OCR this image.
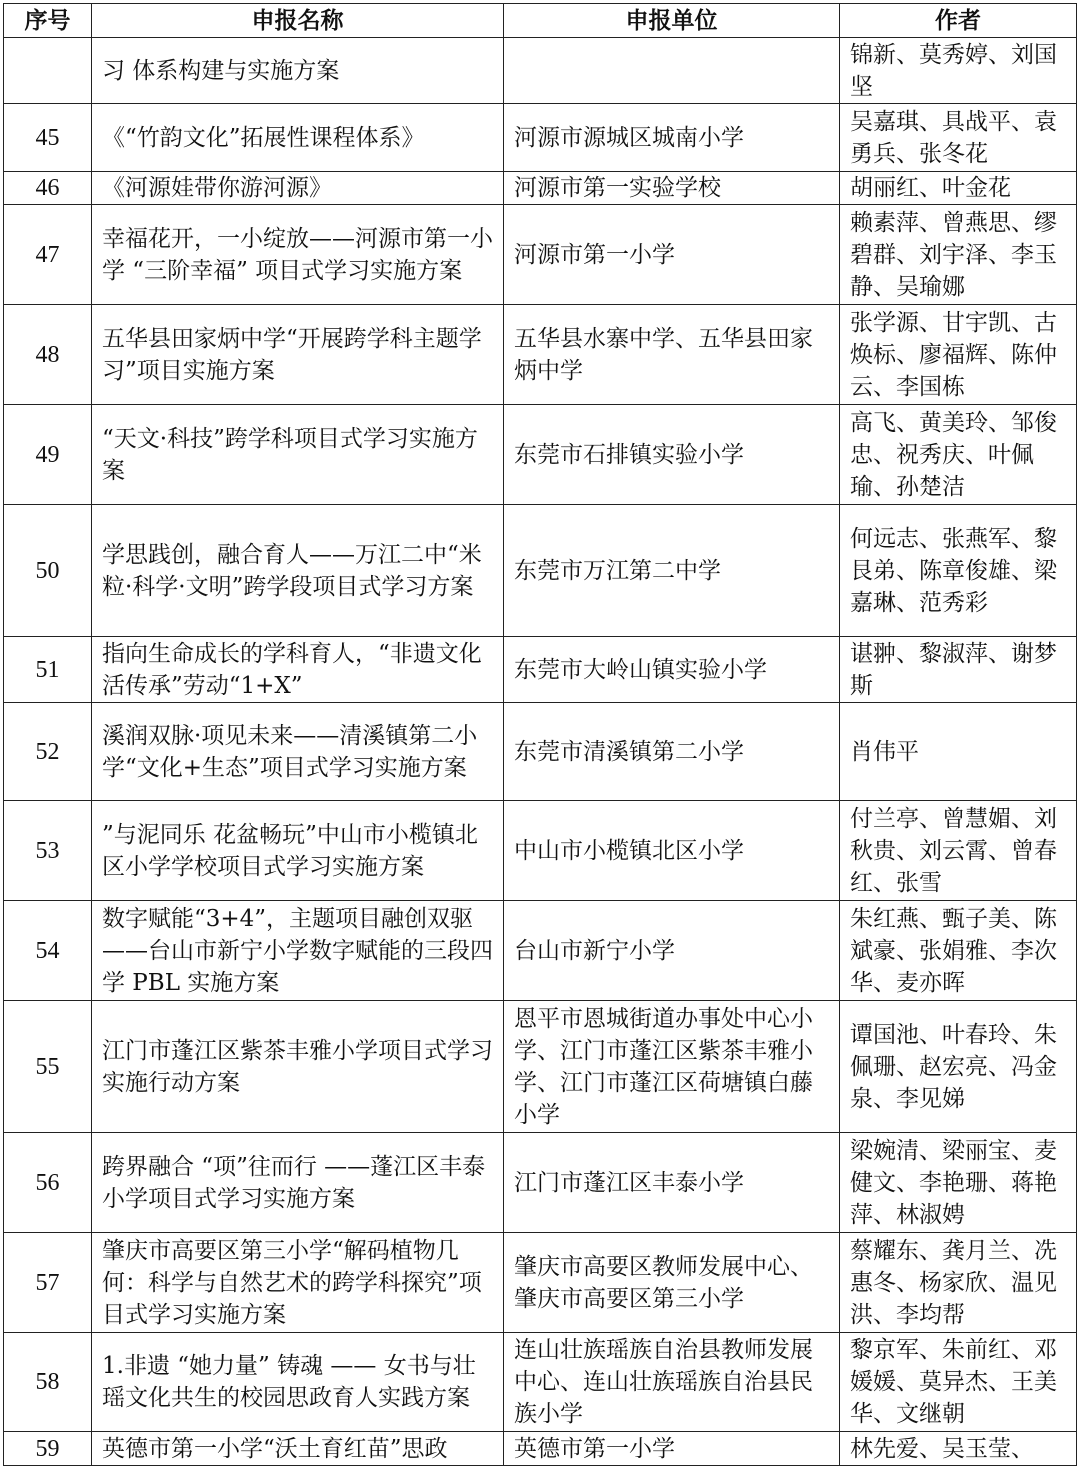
序号	申报名称	申报单位	作者
	习 体系构建与实施方案		锦新、莫秀婷、刘国坚
45	《“竹韵文化”拓展性课程体系》	河源市源城区城南小学	吴嘉琪、具战平、袁勇兵、张冬花
46	《河源娃带你游河源》	河源市第一实验学校	胡丽红、叶金花
47	幸福花开，一小绽放——河源市第一小学 “三阶幸福” 项目式学习实施方案	河源市第一小学	赖素萍、曾燕思、缪碧群、刘宇泽、李玉静、吴瑜娜
48	五华县田家炳中学“开展跨学科主题学习”项目实施方案	五华县水寨中学、五华县田家炳中学	张学源、甘宇凯、古焕标、廖福辉、陈仲云、李国栋
49	“天文·科技”跨学科项目式学习实施方案	东莞市石排镇实验小学	高飞、黄美玲、邹俊忠、祝秀庆、叶佩瑜、孙楚洁
50	学思践创，融合育人——万江二中“米粒·科学·文明”跨学段项目式学习方案	东莞市万江第二中学	何远志、张燕军、黎艮弟、陈章俊雄、梁嘉琳、范秀彩
51	指向生命成长的学科育人，“非遗文化活传承”劳动“1+X”	东莞市大岭山镇实验小学	谌翀、黎淑萍、谢梦斯
52	溪润双脉·项见未来——清溪镇第二小学“文化+生态”项目式学习实施方案	东莞市清溪镇第二小学	肖伟平
53	”与泥同乐 花盆畅玩”中山市小榄镇北区小学学校项目式学习实施方案	中山市小榄镇北区小学	付兰亭、曾慧媚、刘秋贵、刘云霄、曾春红、张雪
54	数字赋能“3+4”，主题项目融创双驱 ——台山市新宁小学数字赋能的三段四学 PBL 实施方案	台山市新宁小学	朱红燕、甄子美、陈斌豪、张娟雅、李次华、麦亦晖
55	江门市蓬江区紫茶丰雅小学项目式学习实施行动方案	恩平市恩城街道办事处中心小学、江门市蓬江区紫茶丰雅小学、江门市蓬江区荷塘镇白藤小学	谭国池、叶春玲、朱佩珊、赵宏亮、冯金泉、李见娣
56	跨界融合 “项”往而行 ——蓬江区丰泰小学项目式学习实施方案	江门市蓬江区丰泰小学	梁婉清、梁丽宝、麦健文、李艳珊、蒋艳萍、林淑娉
57	肇庆市高要区第三小学“解码植物几何：科学与自然艺术的跨学科探究”项目式学习实施方案	肇庆市高要区教师发展中心、肇庆市高要区第三小学	蔡耀东、龚月兰、冼惠冬、杨家欣、温见洪、李均帮
58	1.非遗 “她力量” 铸魂 —— 女书与壮瑶文化共生的校园思政育人实践方案	连山壮族瑶族自治县教师发展中心、连山壮族瑶族自治县民族小学	黎京军、朱前红、邓媛媛、莫异杰、王美华、文继朝
59	英德市第一小学“沃土育红苗”思政	英德市第一小学	林先爱、吴玉莹、
